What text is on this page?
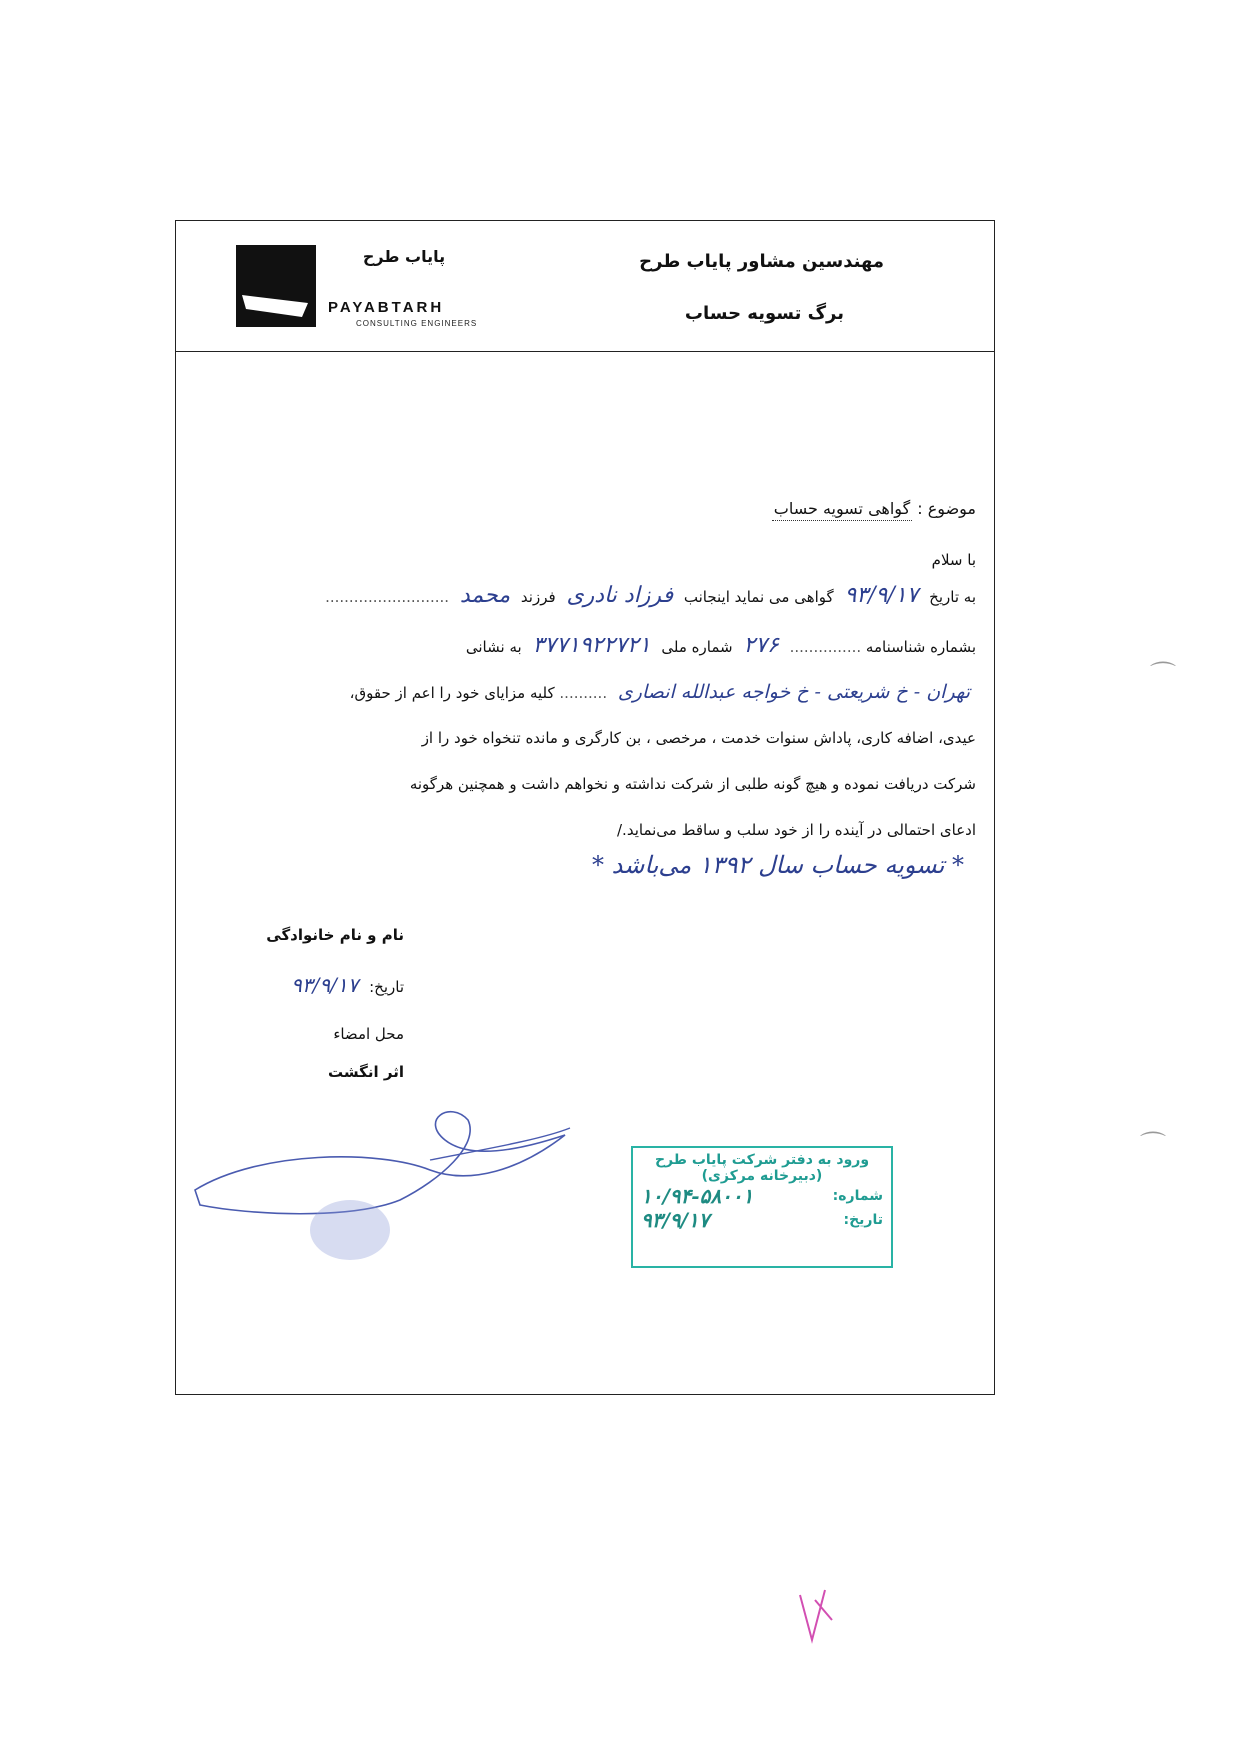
پایاب طرح
PAYABTARH
CONSULTING ENGINEERS
مهندسین مشاور پایاب طرح
برگ تسویه حساب
موضوع : گواهی تسویه حساب
با سلام
به تاریخ ۹۳/۹/۱۷ گواهی می نماید اینجانب فرزاد نادری فرزند محمد ..........................
بشماره شناسنامه ............... ۲۷۶ شماره ملی ۳۷۷۱۹۲۲۷۲۱ به نشانی
تهران - خ شریعتی - خ خواجه عبدالله انصاری .......... کلیه مزایای خود را اعم از حقوق،
عیدی، اضافه کاری، پاداش سنوات خدمت ، مرخصی ، بن کارگری و مانده تنخواه خود را از
شرکت دریافت نموده و هیچ گونه طلبی از شرکت نداشته و نخواهم داشت و همچنین هرگونه
ادعای احتمالی در آینده را از خود سلب و ساقط می‌نماید./
* تسویه حساب سال ۱۳۹۲ می‌باشد *
نام و نام خانوادگی
تاریخ: ۹۳/۹/۱۷
محل امضاء
اثر انگشت
ورود به دفتر شرکت پایاب طرح
(دبیرخانه مرکزی)
شماره:
۱۰/۹۴-۵۸۰۰۱
تاریخ:
۹۳/۹/۱۷
⌒
⌒
